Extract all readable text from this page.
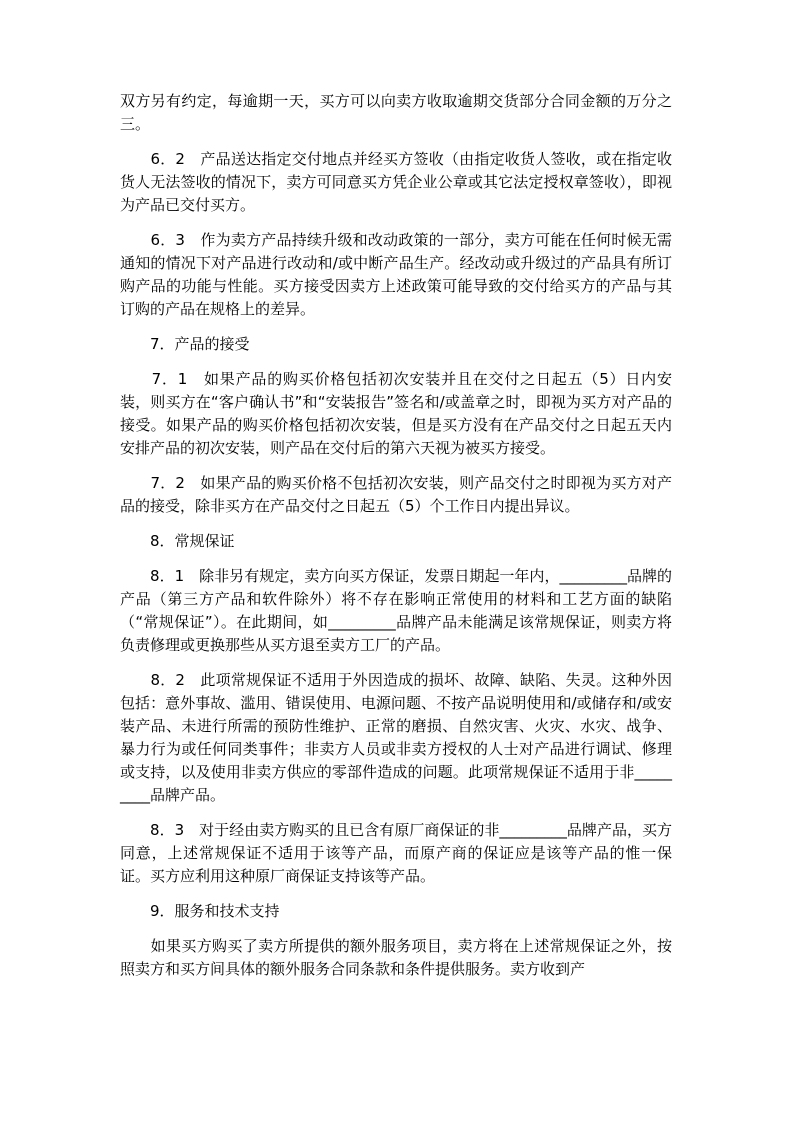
双方另有约定，每逾期一天，买方可以向卖方收取逾期交货部分合同金额的万分之三。

　　6．2　产品送达指定交付地点并经买方签收（由指定收货人签收，或在指定收货人无法签收的情况下，卖方可同意买方凭企业公章或其它法定授权章签收），即视为产品已交付买方。

　　6．3　作为卖方产品持续升级和改动政策的一部分，卖方可能在任何时候无需通知的情况下对产品进行改动和/或中断产品生产。经改动或升级过的产品具有所订购产品的功能与性能。买方接受因卖方上述政策可能导致的交付给买方的产品与其订购的产品在规格上的差异。

　　7．产品的接受

　　7．1　如果产品的购买价格包括初次安装并且在交付之日起五（5）日内安装，则买方在“客户确认书”和“安装报告”签名和/或盖章之时，即视为买方对产品的接受。如果产品的购买价格包括初次安装，但是买方没有在产品交付之日起五天内安排产品的初次安装，则产品在交付后的第六天视为被买方接受。

　　7．2　如果产品的购买价格不包括初次安装，则产品交付之时即视为买方对产品的接受，除非买方在产品交付之日起五（5）个工作日内提出异议。

　　8．常规保证

　　8．1　除非另有规定，卖方向买方保证，发票日期起一年内，_________品牌的产品（第三方产品和软件除外）将不存在影响正常使用的材料和工艺方面的缺陷（“常规保证”）。在此期间，如_________品牌产品未能满足该常规保证，则卖方将负责修理或更换那些从买方退至卖方工厂的产品。

　　8．2　此项常规保证不适用于外因造成的损坏、故障、缺陷、失灵。这种外因包括：意外事故、滥用、错误使用、电源问题、不按产品说明使用和/或储存和/或安装产品、未进行所需的预防性维护、正常的磨损、自然灾害、火灾、水灾、战争、暴力行为或任何同类事件；非卖方人员或非卖方授权的人士对产品进行调试、修理或支持，以及使用非卖方供应的零部件造成的问题。此项常规保证不适用于非_________品牌产品。

　　8．3　对于经由卖方购买的且已含有原厂商保证的非_________品牌产品，买方同意，上述常规保证不适用于该等产品，而原产商的保证应是该等产品的惟一保证。买方应利用这种原厂商保证支持该等产品。

　　9．服务和技术支持

　　如果买方购买了卖方所提供的额外服务项目，卖方将在上述常规保证之外，按照卖方和买方间具体的额外服务合同条款和条件提供服务。卖方收到产
